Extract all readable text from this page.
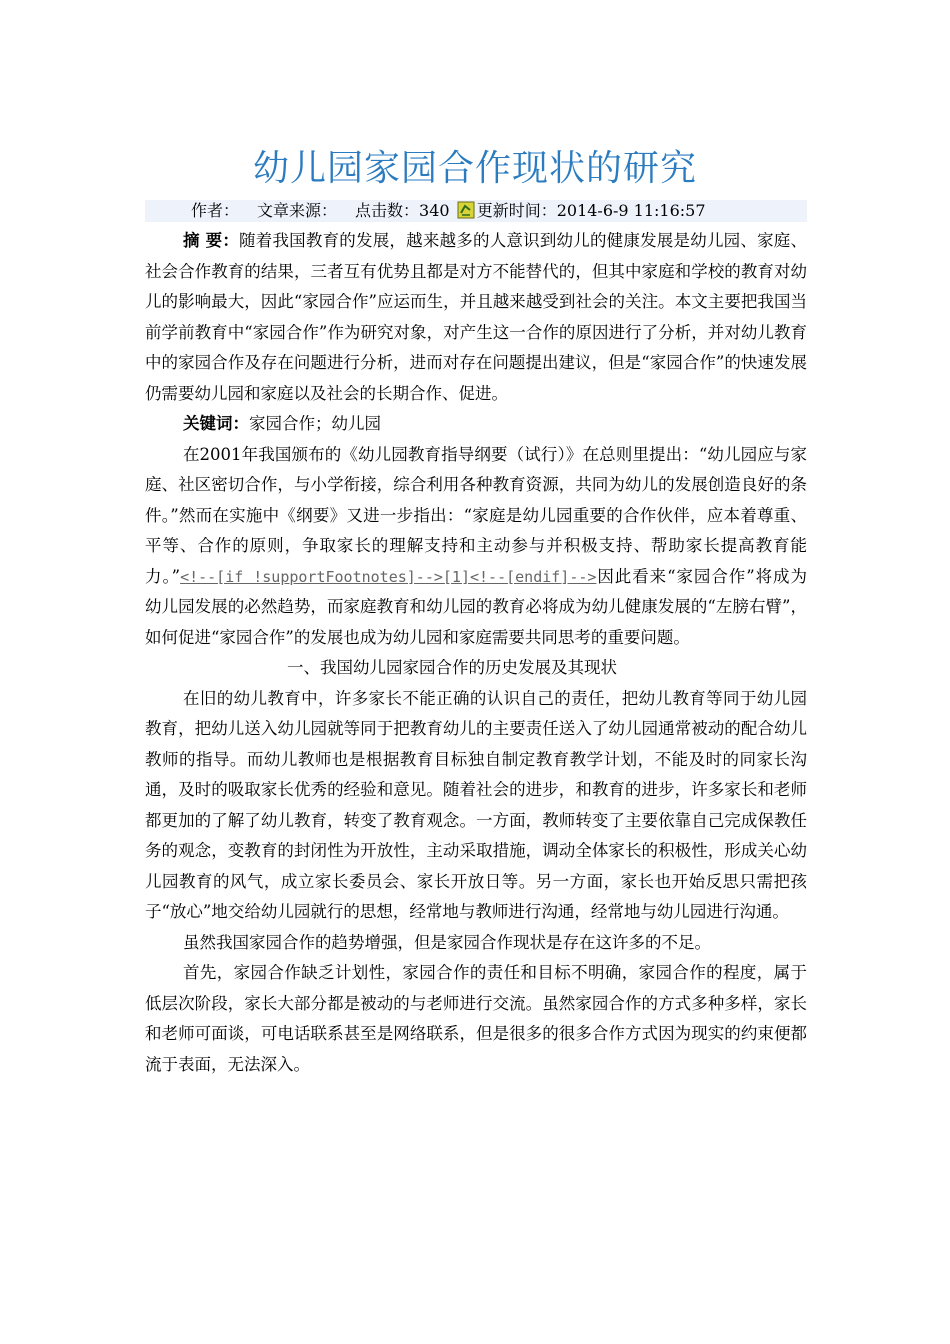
幼儿园家园合作现状的研究
作者： 文章来源： 点击数：340 更新时间：2014-6-9 11:16:57

摘 要：随着我国教育的发展，越来越多的人意识到幼儿的健康发展是幼儿园、家庭、社会合作教育的结果，三者互有优势且都是对方不能替代的，但其中家庭和学校的教育对幼儿的影响最大，因此“家园合作”应运而生，并且越来越受到社会的关注。本文主要把我国当前学前教育中“家园合作”作为研究对象，对产生这一合作的原因进行了分析，并对幼儿教育中的家园合作及存在问题进行分析，进而对存在问题提出建议，但是“家园合作”的快速发展仍需要幼儿园和家庭以及社会的长期合作、促进。

关键词：家园合作；幼儿园

在2001年我国颁布的《幼儿园教育指导纲要（试行）》在总则里提出：“幼儿园应与家庭、社区密切合作，与小学衔接，综合利用各种教育资源，共同为幼儿的发展创造良好的条件。”然而在实施中《纲要》又进一步指出：“家庭是幼儿园重要的合作伙伴，应本着尊重、平等、合作的原则，争取家长的理解支持和主动参与并积极支持、帮助家长提高教育能力。”<!--[if !supportFootnotes]-->[1]<!--[endif]-->因此看来“家园合作”将成为幼儿园发展的必然趋势，而家庭教育和幼儿园的教育必将成为幼儿健康发展的“左膀右臂”，如何促进“家园合作”的发展也成为幼儿园和家庭需要共同思考的重要问题。

一、我国幼儿园家园合作的历史发展及其现状

在旧的幼儿教育中，许多家长不能正确的认识自己的责任，把幼儿教育等同于幼儿园教育，把幼儿送入幼儿园就等同于把教育幼儿的主要责任送入了幼儿园通常被动的配合幼儿教师的指导。而幼儿教师也是根据教育目标独自制定教育教学计划，不能及时的同家长沟通，及时的吸取家长优秀的经验和意见。随着社会的进步，和教育的进步，许多家长和老师都更加的了解了幼儿教育，转变了教育观念。一方面，教师转变了主要依靠自己完成保教任务的观念，变教育的封闭性为开放性，主动采取措施，调动全体家长的积极性，形成关心幼儿园教育的风气，成立家长委员会、家长开放日等。另一方面，家长也开始反思只需把孩子“放心”地交给幼儿园就行的思想，经常地与教师进行沟通，经常地与幼儿园进行沟通。

虽然我国家园合作的趋势增强，但是家园合作现状是存在这许多的不足。

首先，家园合作缺乏计划性，家园合作的责任和目标不明确，家园合作的程度，属于低层次阶段，家长大部分都是被动的与老师进行交流。虽然家园合作的方式多种多样，家长和老师可面谈，可电话联系甚至是网络联系，但是很多的很多合作方式因为现实的约束便都流于表面，无法深入。
